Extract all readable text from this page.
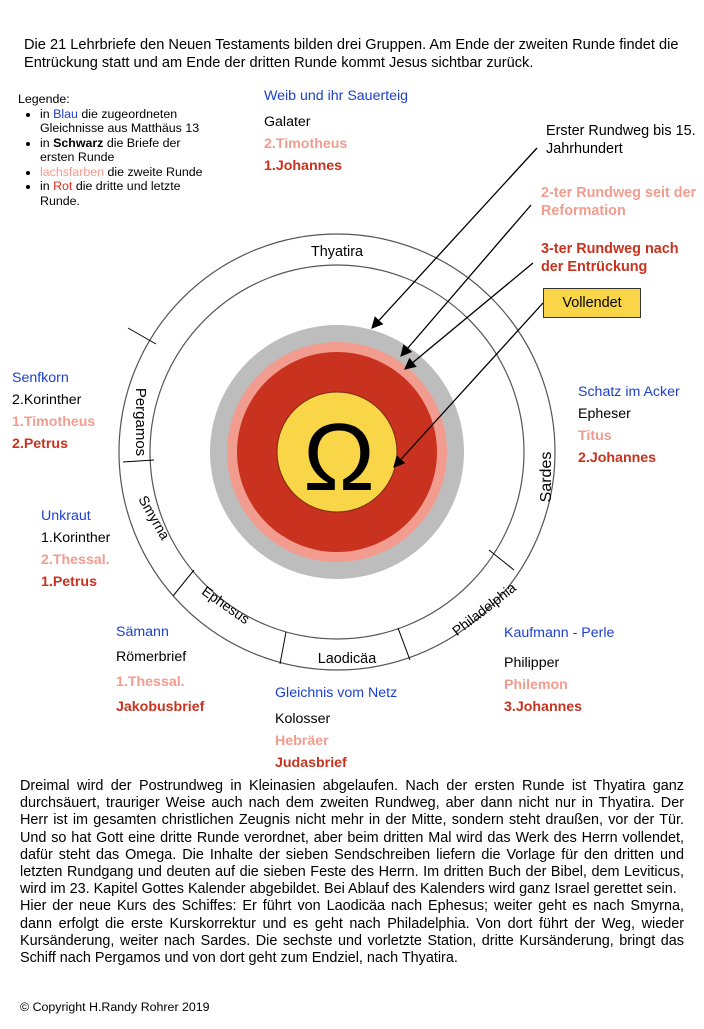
Die 21 Lehrbriefe den Neuen Testaments bilden drei Gruppen. Am Ende der zweiten Runde findet die Entrückung statt und am Ende der dritten Runde kommt Jesus sichtbar zurück.
Legende:
• in Blau die zugeordneten Gleichnisse aus Matthäus 13
• in Schwarz die Briefe der ersten Runde
• lachsfarben die zweite Runde
• in Rot die dritte und letzte Runde.
Ω
Thyatira
Pergamos
Smyrna
Ephesus
Laodicäa
Philadelphia
Sardes
Erster Rundweg bis 15. Jahrhundert
2-ter Rundweg seit der Reformation
3-ter Rundweg nach der Entrückung
Vollendet
Weib und ihr Sauerteig
Galater
2.Timotheus
1.Johannes
Senfkorn
2.Korinther
1.Timotheus
2.Petrus
Unkraut
1.Korinther
2.Thessal.
1.Petrus
Sämann
Römerbrief
1.Thessal.
Jakobusbrief
Gleichnis vom Netz
Kolosser
Hebräer
Judasbrief
Kaufmann - Perle
Philipper
Philemon
3.Johannes
Schatz im Acker
Epheser
Titus
2.Johannes

Dreimal wird der Postrundweg in Kleinasien abgelaufen. Nach der ersten Runde ist Thyatira ganz durchsäuert, trauriger Weise auch nach dem zweiten Rundweg, aber dann nicht nur in Thyatira. Der Herr ist im gesamten christlichen Zeugnis nicht mehr in der Mitte, sondern steht draußen, vor der Tür. Und so hat Gott eine dritte Runde verordnet, aber beim dritten Mal wird das Werk des Herrn vollendet, dafür steht das Omega. Die Inhalte der sieben Sendschreiben liefern die Vorlage für den dritten und letzten Rundgang und deuten auf die sieben Feste des Herrn. Im dritten Buch der Bibel, dem Leviticus, wird im 23. Kapitel Gottes Kalender abgebildet. Bei Ablauf des Kalenders wird ganz Israel gerettet sein.

Hier der neue Kurs des Schiffes: Er führt von Laodicäa nach Ephesus; weiter geht es nach Smyrna, dann erfolgt die erste Kurskorrektur und es geht nach Philadelphia. Von dort führt der Weg, wieder Kursänderung, weiter nach Sardes. Die sechste und vorletzte Station, dritte Kursänderung, bringt das Schiff nach Pergamos und von dort geht zum Endziel, nach Thyatira.

© Copyright H.Randy Rohrer 2019
